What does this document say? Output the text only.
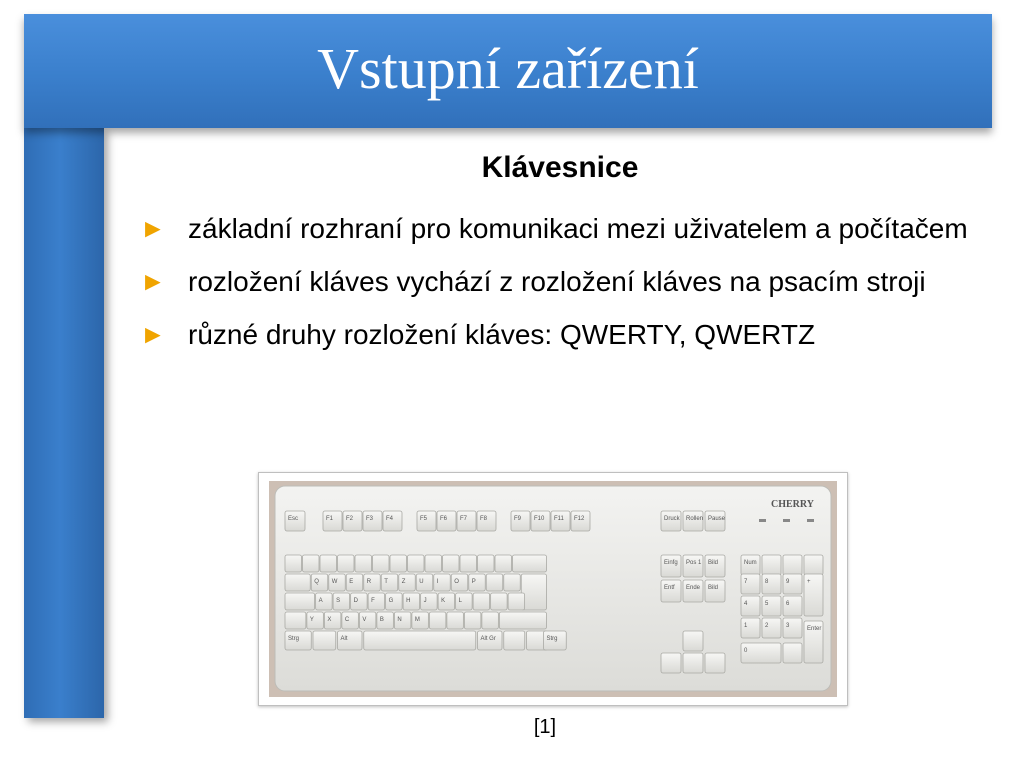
Vstupní zařízení
Klávesnice
► základní rozhraní pro komunikaci mezi uživatelem a počítačem
► rozložení kláves vychází z rozložení kláves na psacím stroji
► různé druhy rozložení kláves: QWERTY, QWERTZ
Esc	F1 F2 F3 F4	F5 F6 F7 F8	F9 F10 F11 F12	Druck Rollen Pause
Q W E R T Z U I	O P
A S D F G H J K L
Y X C V B N M
Strg	Alt	Alt Gr	Strg
Einfg Pos 1 Bild
Entf Ende Bild
Num
7	8	9
4	5	6
1	2	3
+
0
Enter
CHERRY
[1]
